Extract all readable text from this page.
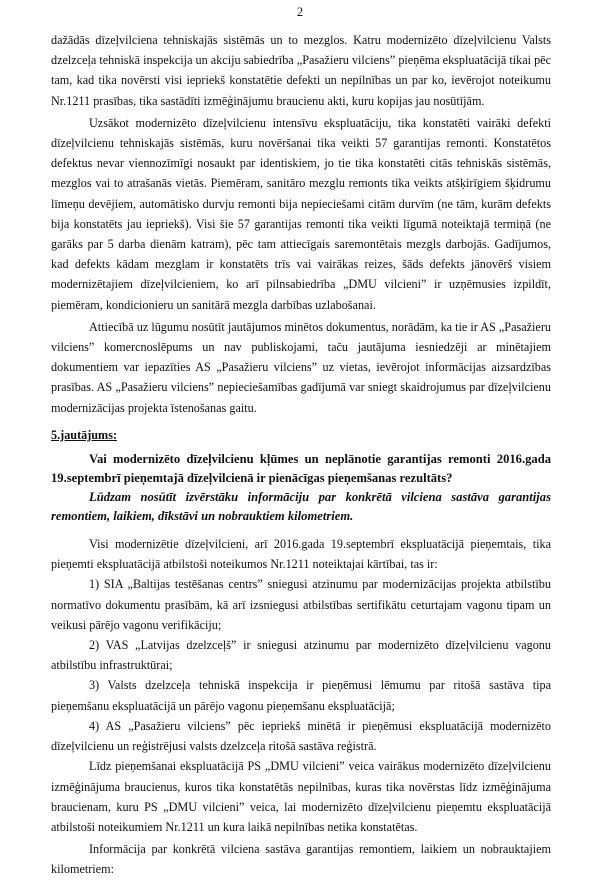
2

dažādās dīzeļvilciena tehniskajās sistēmās un to mezglos. Katru modernizēto dīzeļvilcienu Valsts dzelzceļa tehniskā inspekcija un akciju sabiedrība „Pasažieru vilciens” pieņēma ekspluatācijā tikai pēc tam, kad tika novērsti visi iepriekš konstatētie defekti un nepilnības un par ko, ievērojot noteikumu Nr.1211 prasības, tika sastādīti izmēģinājumu braucienu akti, kuru kopijas jau nosūtījām.

Uzsākot modernizēto dīzeļvilcienu intensīvu ekspluatāciju, tika konstatēti vairāki defekti dīzeļvilcienu tehniskajās sistēmās, kuru novēršanai tika veikti 57 garantijas remonti. Konstatētos defektus nevar viennozīmīgi nosaukt par identiskiem, jo tie tika konstatēti citās tehniskās sistēmās, mezglos vai to atrašanās vietās. Piemēram, sanitāro mezglu remonts tika veikts atšķirīgiem šķidrumu līmeņu devējiem, automātisko durvju remonti bija nepieciešami citām durvīm (ne tām, kurām defekts bija konstatēts jau iepriekš). Visi šie 57 garantijas remonti tika veikti līgumā noteiktajā termiņā (ne garāks par 5 darba dienām katram), pēc tam attiecīgais saremontētais mezgls darbojās. Gadījumos, kad defekts kādam mezglam ir konstatēts trīs vai vairākas reizes, šāds defekts jānovērš visiem modernizētajiem dīzeļvilcieniem, ko arī pilnsabiedrība „DMU vilcieni” ir uzņēmusies izpildīt, piemēram, kondicionieru un sanitārā mezgla darbības uzlabošanai.

Attiecībā uz lūgumu nosūtīt jautājumos minētos dokumentus, norādām, ka tie ir AS „Pasažieru vilciens” komercnoslēpums un nav publiskojami, taču jautājuma iesniedzēji ar minētajiem dokumentiem var iepazīties AS „Pasažieru vilciens” uz vietas, ievērojot informācijas aizsardzības prasības. AS „Pasažieru vilciens” nepieciešamības gadījumā var sniegt skaidrojumus par dīzeļvilcienu modernizācijas projekta īstenošanas gaitu.

5.jautājums:

Vai modernizēto dīzeļvilcienu kļūmes un neplānotie garantijas remonti 2016.gada 19.septembrī pieņemtajā dīzeļvilcienā ir pienācīgas pieņemšanas rezultāts?

Lūdzam nosūtīt izvērstāku informāciju par konkrētā vilciena sastāva garantijas remontiem, laikiem, dīkstāvi un nobrauktiem kilometriem.

Visi modernizētie dīzeļvilcieni, arī 2016.gada 19.septembrī ekspluatācijā pieņemtais, tika pieņemti ekspluatācijā atbilstoši noteikumos Nr.1211 noteiktajai kārtībai, tas ir:

1) SIA „Baltijas testēšanas centrs” sniegusi atzinumu par modernizācijas projekta atbilstību normatīvo dokumentu prasībām, kā arī izsniegusi atbilstības sertifikātu ceturtajam vagonu tipam un veikusi pārējo vagonu verifikāciju;

2) VAS „Latvijas dzelzceļš” ir sniegusi atzinumu par modernizēto dīzeļvilcienu vagonu atbilstību infrastruktūrai;

3) Valsts dzelzceļa tehniskā inspekcija ir pieņēmusi lēmumu par ritošā sastāva tipa pieņemšanu ekspluatācijā un pārējo vagonu pieņemšanu ekspluatācijā;

4) AS „Pasažieru vilciens” pēc iepriekš minētā ir pieņēmusi ekspluatācijā modernizēto dīzeļvilcienu un reģistrējusi valsts dzelzceļa ritošā sastāva reģistrā.

Līdz pieņemšanai ekspluatācijā PS „DMU vilcieni” veica vairākus modernizēto dīzeļvilcienu izmēģinājuma braucienus, kuros tika konstatētās nepilnības, kuras tika novērstas līdz izmēģinājuma braucienam, kuru PS „DMU vilcieni” veica, lai modernizēto dīzeļvilcienu pieņemtu ekspluatācijā atbilstoši noteikumiem Nr.1211 un kura laikā nepilnības netika konstatētas.

Informācija par konkrētā vilciena sastāva garantijas remontiem, laikiem un nobrauktajiem kilometriem:
